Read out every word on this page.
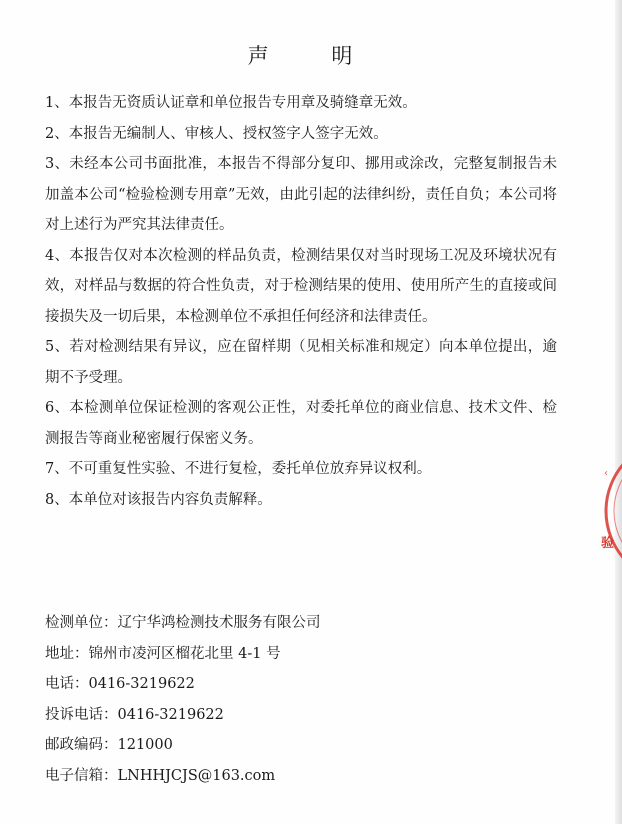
声 明
1、本报告无资质认证章和单位报告专用章及骑缝章无效。
2、本报告无编制人、审核人、授权签字人签字无效。
3、未经本公司书面批准，本报告不得部分复印、挪用或涂改，完整复制报告未加盖本公司“检验检测专用章”无效，由此引起的法律纠纷，责任自负；本公司将对上述行为严究其法律责任。
4、本报告仅对本次检测的样品负责，检测结果仅对当时现场工况及环境状况有效，对样品与数据的符合性负责，对于检测结果的使用、使用所产生的直接或间接损失及一切后果，本检测单位不承担任何经济和法律责任。
5、若对检测结果有异议，应在留样期（见相关标准和规定）向本单位提出，逾期不予受理。
6、本检测单位保证检测的客观公正性，对委托单位的商业信息、技术文件、检测报告等商业秘密履行保密义务。
7、不可重复性实验、不进行复检，委托单位放弃异议权利。
8、本单位对该报告内容负责解释。
检测单位：辽宁华鸿检测技术服务有限公司
地址：锦州市凌河区榴花北里 4-1 号
电话：0416-3219622
投诉电话：0416-3219622
邮政编码：121000
电子信箱：LNHHJCJS@163.com
‹
验
